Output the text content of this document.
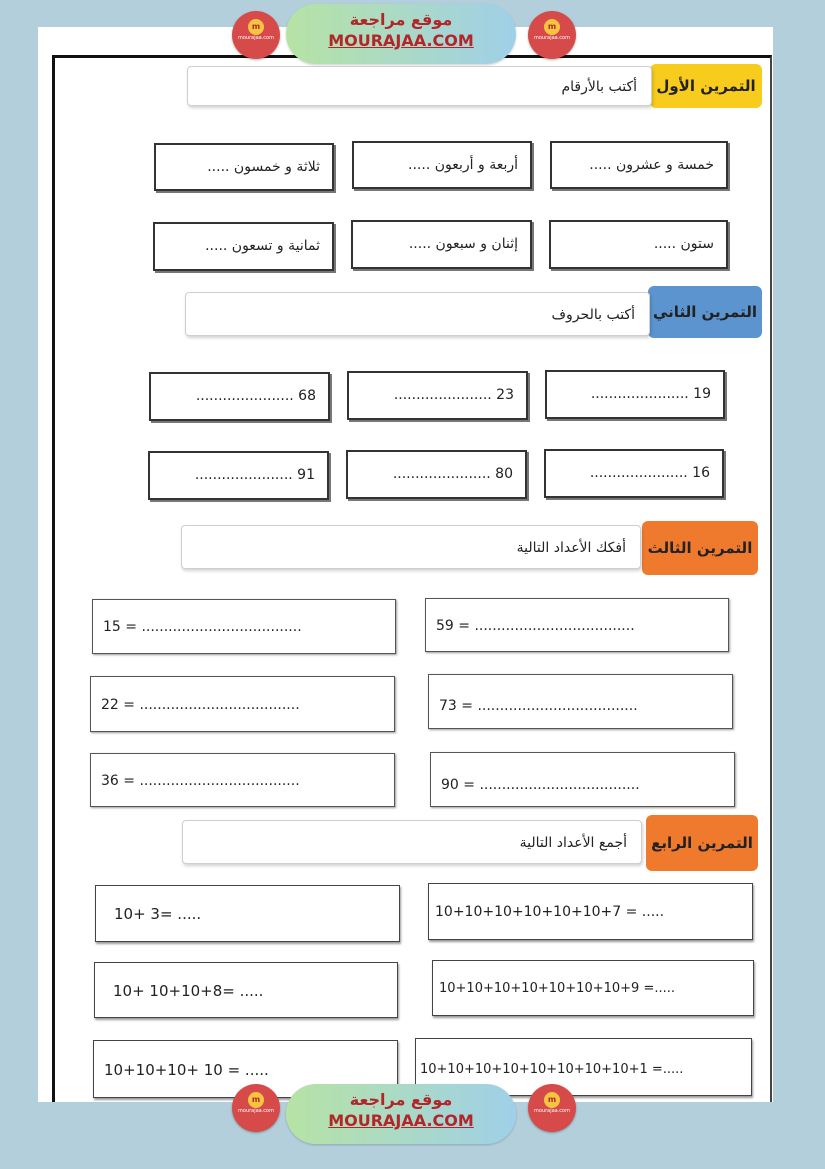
m
mourajaa.com
موقع مراجعة
MOURAJAA.COM
m
mourajaa.com
التمرين الأول
أكتب بالأرقام
خمسة و عشرون .....
أربعة و أربعون .....
ثلاثة و خمسون .....
ستون .....
إثنان و سبعون .....
ثمانية و تسعون .....
التمرين الثاني
أكتب بالحروف
19 ......................
23 ......................
68 ......................
16 ......................
80 ......................
91 ......................
التمرين الثالث
أفكك الأعداد التالية
15 = ....................................	59 = ....................................
22 = ....................................	73 = ....................................
36 = ....................................	90 = ....................................
التمرين الرابع
أجمع الأعداد التالية
10+ 3= .....	10+10+10+10+10+10+7 = .....
10+ 10+10+8= .....	10+10+10+10+10+10+10+9 =.....
10+10+10+ 10 = .....	10+10+10+10+10+10+10+10+1 =.....
m
mourajaa.com
موقع مراجعة
MOURAJAA.COM
m
mourajaa.com
